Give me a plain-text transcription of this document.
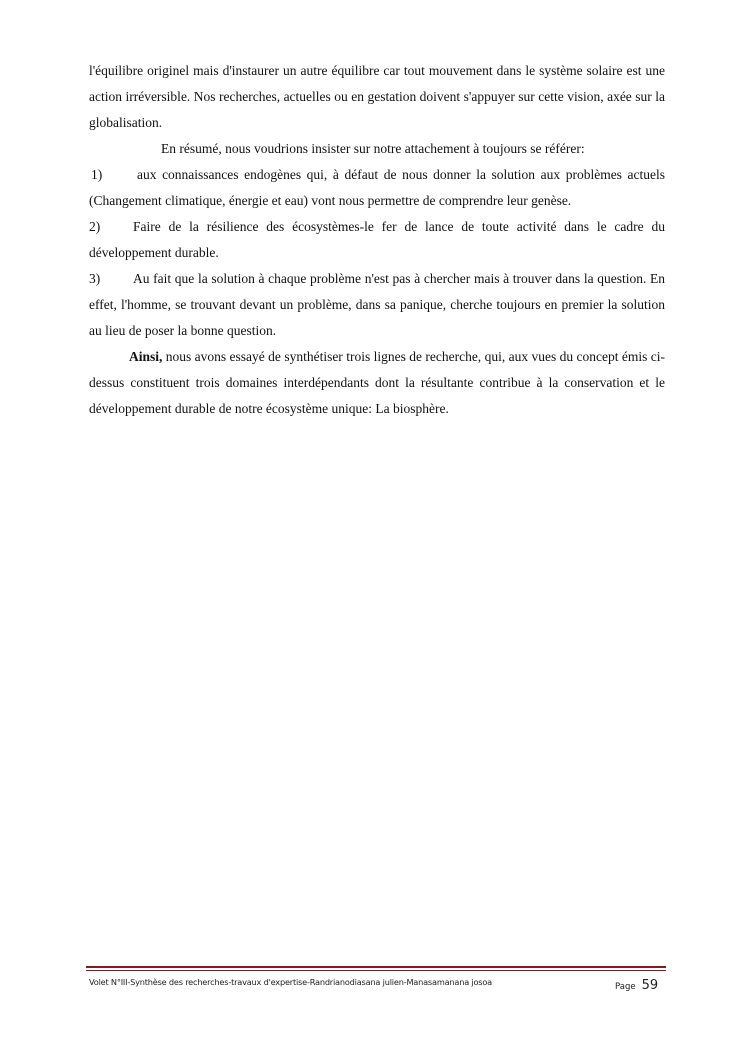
l'équilibre originel mais d'instaurer un autre équilibre car tout mouvement dans le système solaire est une action irréversible. Nos recherches, actuelles ou en gestation doivent s'appuyer sur cette vision, axée sur la globalisation.

En résumé, nous voudrions insister sur notre attachement à toujours se référer:

1)	aux connaissances endogènes qui, à défaut de nous donner la solution aux problèmes actuels (Changement climatique, énergie et eau) vont nous permettre de comprendre leur genèse.

2) Faire de la résilience des écosystèmes-le fer de lance de toute activité dans le cadre du développement durable.

3) Au fait que la solution à chaque problème n'est pas à chercher mais à trouver dans la question. En effet, l'homme, se trouvant devant un problème, dans sa panique, cherche toujours en premier la solution au lieu de poser la bonne question.

Ainsi, nous avons essayé de synthétiser trois lignes de recherche, qui, aux vues du concept émis ci-dessus constituent trois domaines interdépendants dont la résultante contribue à la conservation et le développement durable de notre écosystème unique: La biosphère.

Volet N°III-Synthèse des recherches-travaux d'expertise-Randrianodiasana julien-Manasamanana josoa	Page 59
